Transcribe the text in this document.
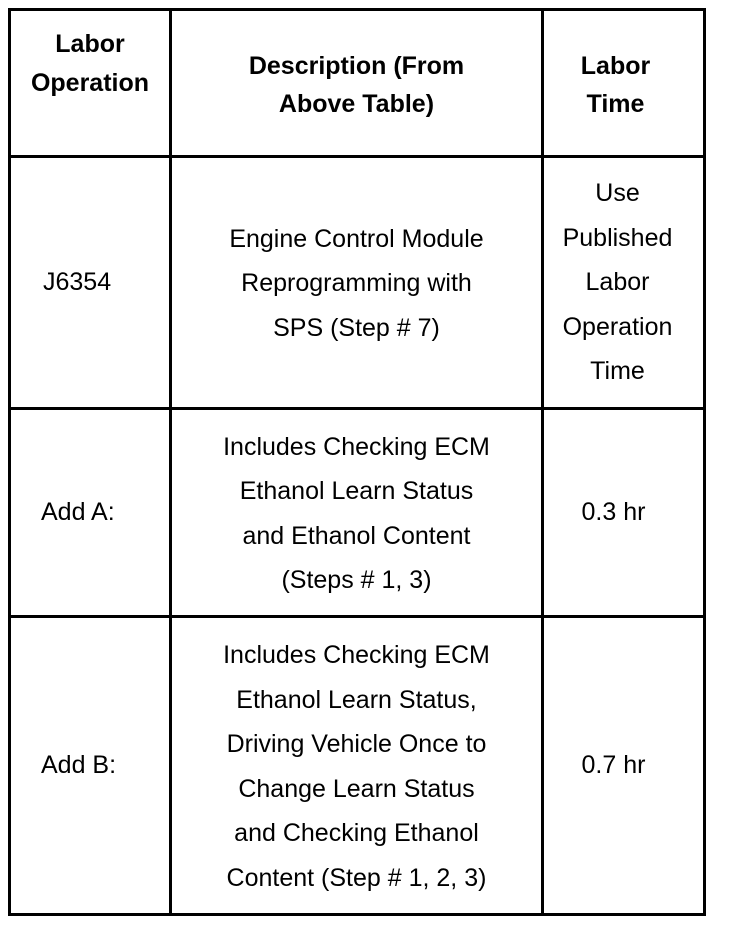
Labor
Operation
Description (From
Above Table)
Labor
Time
J6354
Engine Control Module
Reprogramming with
SPS (Step # 7)
Use
Published
Labor
Operation
Time
Add A:
Includes Checking ECM
Ethanol Learn Status
and Ethanol Content
(Steps # 1, 3)
0.3 hr
Add B:
Includes Checking ECM
Ethanol Learn Status,
Driving Vehicle Once to
Change Learn Status
and Checking Ethanol
Content (Step # 1, 2, 3)
0.7 hr
